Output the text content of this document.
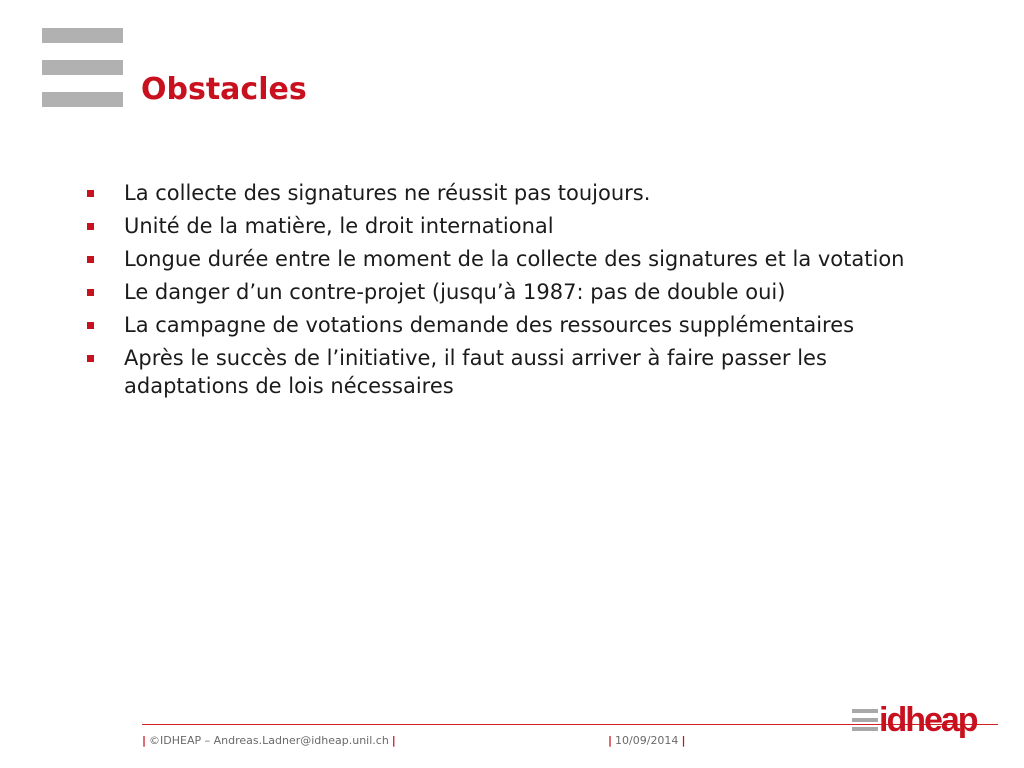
Obstacles
La collecte des signatures ne réussit pas toujours.
Unité de la matière, le droit international
Longue durée entre le moment de la collecte des signatures et la votation
Le danger d’un contre-projet (jusqu’à 1987: pas de double oui)
La campagne de votations demande des ressources supplémentaires
Après le succès de l’initiative, il faut aussi arriver à faire passer les adaptations de lois nécessaires
| ©IDHEAP – Andreas.Ladner@idheap.unil.ch |	| 10/09/2014 |
idheap
